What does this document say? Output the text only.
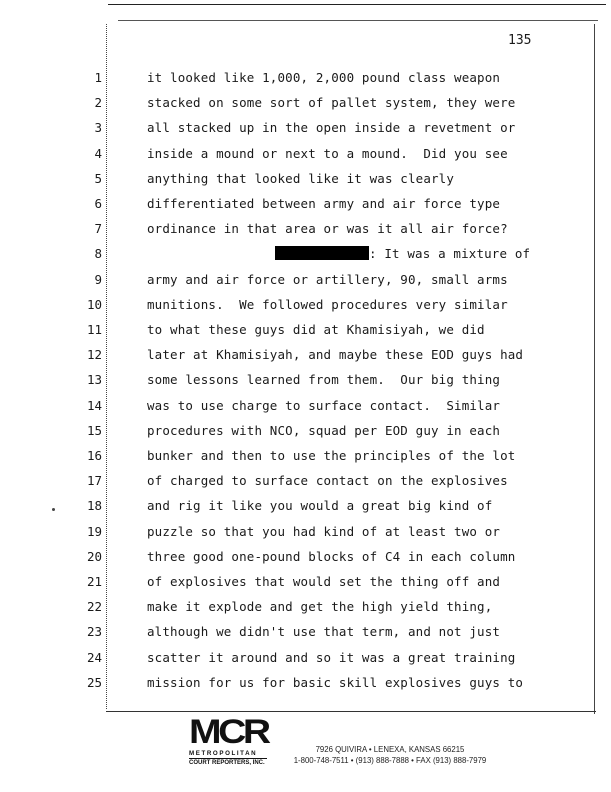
135
1	it looked like 1,000, 2,000 pound class weapon
2	stacked on some sort of pallet system, they were
3	all stacked up in the open inside a revetment or
4	inside a mound or next to a mound.  Did you see
5	anything that looked like it was clearly
6	differentiated between army and air force type
7	ordinance in that area or was it all air force?
8	: It was a mixture of
9	army and air force or artillery, 90, small arms
10	munitions.  We followed procedures very similar
11	to what these guys did at Khamisiyah, we did
12	later at Khamisiyah, and maybe these EOD guys had
13	some lessons learned from them.  Our big thing
14	was to use charge to surface contact.  Similar
15	procedures with NCO, squad per EOD guy in each
16	bunker and then to use the principles of the lot
17	of charged to surface contact on the explosives
18	and rig it like you would a great big kind of
19	puzzle so that you had kind of at least two or
20	three good one-pound blocks of C4 in each column
21	of explosives that would set the thing off and
22	make it explode and get the high yield thing,
23	although we didn't use that term, and not just
24	scatter it around and so it was a great training
25	mission for us for basic skill explosives guys to
MCR
METROPOLITAN
COURT REPORTERS, INC.
7926 QUIVIRA • LENEXA, KANSAS 66215
1-800-748-7511 • (913) 888-7888 • FAX (913) 888-7979
